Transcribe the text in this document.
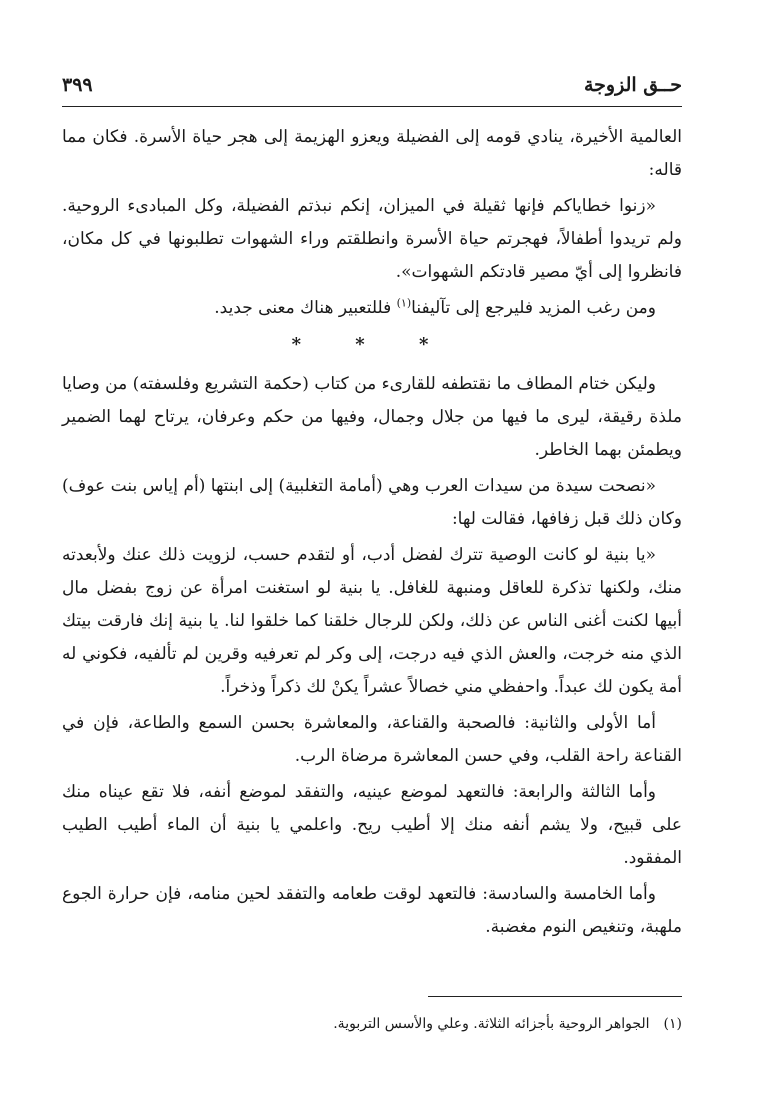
حــق الزوجة
٣٩٩

العالمية الأخيرة، ينادي قومه إلى الفضيلة ويعزو الهزيمة إلى هجر حياة الأسرة. فكان مما قاله:

«زنوا خطاياكم فإنها ثقيلة في الميزان، إنكم نبذتم الفضيلة، وكل المبادىء الروحية. ولم تريدوا أطفالاً، فهجرتم حياة الأسرة وانطلقتم وراء الشهوات تطلبونها في كل مكان، فانظروا إلى أيّ مصير قادتكم الشهوات».

ومن رغب المزيد فليرجع إلى تآليفنا$^{(١)}$ فللتعبير هناك معنى جديد.

* * *

وليكن ختام المطاف ما نقتطفه للقارىء من كتاب (حكمة التشريع وفلسفته) من وصايا ملذة رقيقة، ليرى ما فيها من جلال وجمال، وفيها من حكم وعرفان، يرتاح لهما الضمير ويطمئن بهما الخاطر.

«نصحت سيدة من سيدات العرب وهي (أمامة التغلبية) إلى ابنتها (أم إياس بنت عوف) وكان ذلك قبل زفافها، فقالت لها:

«يا بنية لو كانت الوصية تترك لفضل أدب، أو لتقدم حسب، لزويت ذلك عنك ولأبعدته منك، ولكنها تذكرة للعاقل ومنبهة للغافل. يا بنية لو استغنت امرأة عن زوج بفضل مال أبيها لكنت أغنى الناس عن ذلك، ولكن للرجال خلقنا كما خلقوا لنا. يا بنية إنك فارقت بيتك الذي منه خرجت، والعش الذي فيه درجت، إلى وكر لم تعرفيه وقرين لم تألفيه، فكوني له أمة يكون لك عبداً. واحفظي مني خصالاً عشراً يكنْ لك ذكراً وذخراً.

أما الأولى والثانية: فالصحبة والقناعة، والمعاشرة بحسن السمع والطاعة، فإن في القناعة راحة القلب، وفي حسن المعاشرة مرضاة الرب.

وأما الثالثة والرابعة: فالتعهد لموضع عينيه، والتفقد لموضع أنفه، فلا تقع عيناه منك على قبيح، ولا يشم أنفه منك إلا أطيب ريح. واعلمي يا بنية أن الماء أطيب الطيب المفقود.

وأما الخامسة والسادسة: فالتعهد لوقت طعامه والتفقد لحين منامه، فإن حرارة الجوع ملهبة، وتنغيص النوم مغضبة.

(١)الجواهر الروحية بأجزائه الثلاثة. وعلي والأسس التربوية.
